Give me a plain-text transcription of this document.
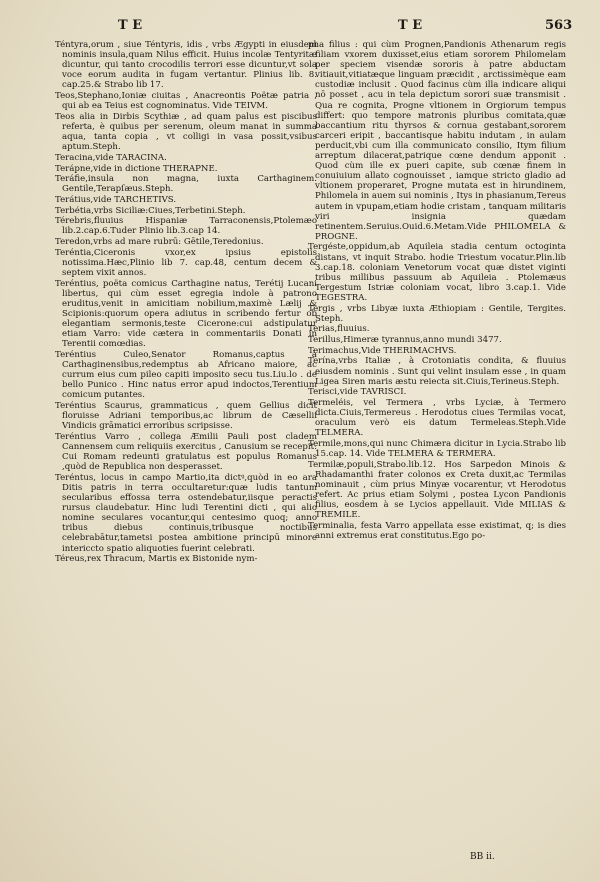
T E	T E	563

Téntyra,orum , siue Téntyris, idis , vrbs Ægypti in eiusdem nominis insula,quam Nilus efficit. Huius incolæ Tentyritæ dicuntur, qui tanto crocodilis terrori esse dicuntur,vt sola voce eorum audita in fugam vertantur. Plinius lib. 8. cap.25.& Strabo lib 17.

Teos,Stephano,Ioniæ ciuitas , Anacreontis Poëtæ patria , qui ab ea Teius est cognominatus. Vide TEIVM.

Teos alia in Dirbis Scythiæ , ad quam palus est piscibus referta, è quibus per serenum, oleum manat in summa aqua, tanta copia , vt colligi in vasa possit,vsibus aptum.Steph.

Teracina,vide TARACINA.

Terápne,vide in dictione THERAPNE.

Teráfie,insula non magna, iuxta Carthaginem. Gentile,Terapſæus.Steph.

Terátius,vide TARCHETIVS.

Terbétia,vrbs Siciliæ:Ciues,Terbetini.Steph.

Térebris,fluuius Hispaniæ Tarraconensis,Ptolemæo lib.2.cap.6.Tuder Plinio lib.3.cap 14.

Teredon,vrbs ad mare rubrū: Gētile,Teredonius.

Teréntia,Ciceronis vxor,ex ipsius epistolis notissima.Hæc,Plinio lib 7. cap.48, centum decem & septem vixit annos.

Teréntius, poëta comicus Carthagine natus, Terétij Lucani libertus, qui cùm esset egregia indole à patrono eruditus,venit in amicitiam nobilium,maximè Lælij & Scipionis:quorum opera adiutus in scribendo fertur ob elegantiam sermonis,teste Cicerone:cui adstipulatur etiam Varro: vide cætera in commentariis Donati in Terentii comœdias.

Teréntius Culeo,Senator Romanus,captus à Carthaginensibus,redemptus ab Africano maiore, ac currum eius cum pileo capiti imposito secu tus.Liu.lo . de bello Punico . Hinc natus error apud indoctos,Terentium comicum putantes.

Teréntius Scaurus, grammaticus , quem Gellius dicit floruisse Adriani temporibus,ac librum de Cæsellii Vindicis grāmatici erroribus scripsisse.

Teréntius Varro , collega Æmilii Pauli post cladem Cannensem cum reliquiis exercitus , Canusium se recepit: Cui Romam redeunti gratulatus est populus Romanus ,quòd de Republica non desperasset.

Teréntus, locus in campo Martio,ita dictꝰ,quòd in eo ara Ditis patris in terra occultaretur:quæ ludis tantum secularibus effossa terra ostendebatur,iisque peractis rursus claudebatur. Hinc ludi Terentini dicti , qui alio nomine seculares vocantur,qui centesimo quoq; anno tribus diebus continuis,tribusque noctibus celebrabātur,tametsi postea ambitione principū minore intericcto spatio aliquoties fuerint celebrati.

Téreus,rex Thracum, Martis ex Bistonide nym-

pha filius : qui cùm Prognen,Pandionis Athenarum regis filiam vxorem duxisset,eius etiam sororem Philomelam per speciem visendæ sororis à patre abductam vitiauit,vitiatæque linguam præcidit , arctissimèque eam custodiæ inclusit . Quod facinus cùm illa indicare aliqui nō posset , acu in tela depictum sorori suæ transmisit . Qua re cognita, Progne vltionem in Orgiorum tempus differt: quo tempore matronis pluribus comitata,quæ baccantium ritu thyrsos & cornua gestabant,sororem carceri eripit , baccantisque habitu indutam , in aulam perducit,vbi cum illa communicato consilio, Itym filium arreptum dilacerat,patrique cœne dendum apponit . Quod cùm ille ex pueri capite, sub cœnæ finem in conuiuium allato cognouisset , iamque stricto gladio ad vltionem properaret, Progne mutata est in hirundinem, Philomela in auem sui nominis , Itys in phasianum,Tereus autem in vpupam,etiam hodie cristam , tanquam militaris viri insignia quædam retinentem.Seruius.Ouid.6.Metam.Vide PHILOMELA & PROGNE.

Tergéste,oppidum,ab Aquileia stadia centum octoginta distans, vt inquit Strabo. hodie Triestum vocatur.Plin.lib 3.cap.18. coloniam Venetorum vocat quæ distet viginti tribus millibus passuum ab Aquileia . Ptolemæus Tergestum Istriæ coloniam vocat, libro 3.cap.1. Vide TEGESTRA.

Tergis , vrbs Libyæ iuxta Æthiopiam : Gentile, Tergites. Steph.

Terias,fluuius.

Terillus,Himeræ tyrannus,anno mundi 3477.

Terimachus,Vide THERIMACHVS.

Terína,vrbs Italiæ , à Crotoniatis condita, & fluuius eiusdem nominis . Sunt qui velint insulam esse , in quam Ligea Siren maris æstu reiecta sit.Ciuis,Terineus.Steph.

Terisci,vide TAVRISCI.

Termeléis, vel Termera , vrbs Lyciæ, à Termero dicta.Ciuis,Termereus . Herodotus ciues Termilas vocat, oraculum verò eis datum Termeleas.Steph.Vide TELMERA.

Termile,mons,qui nunc Chimæra dicitur in Lycia.Strabo lib 15.cap. 14. Vide TELMERA & TERMERA.

Termilæ,populi,Strabo.lib.12. Hos Sarpedon Minois & Rhadamanthi frater colonos ex Creta duxit,ac Termilas nominauit , cùm prius Minyæ vocarentur, vt Herodotus refert. Ac prius etiam Solymi , postea Lycon Pandionis filius, eosdem à se Lycios appellauit. Vide MILIAS & TREMILE.

Terminalia, festa Varro appellata esse existimat, q; is dies anni extremus erat constitutus.Ego po-

BB ii.
